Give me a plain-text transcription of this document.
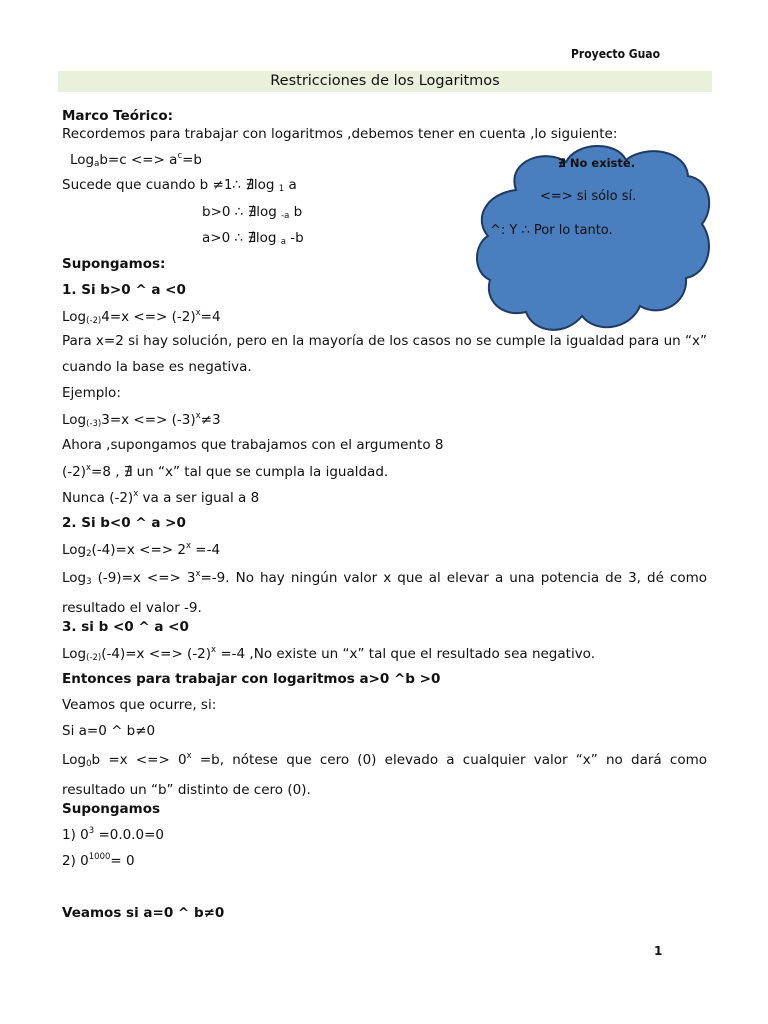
Proyecto Guao
Restricciones de los Logaritmos
Marco Teórico:
Recordemos para trabajar con logaritmos ,debemos tener en cuenta ,lo siguiente:
Log$_a$b=c <=> $a^c=b$
Sucede que cuando b ≠1∴ ∄log $_1$ a
b>0 ∴ ∄log $_{-a}$ b
a>0 ∴ ∄log $_a$ -b
∄ No existe.
<=> si sólo sí.
^: Y ∴ Por lo tanto.
Supongamos:
1. Si b>0 ^ a <0
Log$_{(-2)}$4=x <=> $(-2)^x=4$
Para x=2 si hay solución, pero en la mayoría de los casos no se cumple la igualdad para un “x” cuando la base es negativa.
Ejemplo:
Log$_{(-3)}$3=x <=> $(-3)^x\ne 3$
Ahora ,supongamos que trabajamos con el argumento 8
$(-2)^x=8$ , ∄ un “x” tal que se cumpla la igualdad.
Nunca $(-2)^x$ va a ser igual a 8
2. Si b<0 ^ a >0
Log$_2$(-4)=x <=> $2^x =-4$
Log$_3$ (-9)=x <=> $3^x=-9$. No hay ningún valor x que al elevar a una potencia de 3, dé como resultado el valor -9.
3. si b <0 ^ a <0
Log$_{(-2)}$(-4)=x <=> $(-2)^x =-4$ ,No existe un “x” tal que el resultado sea negativo.
Entonces para trabajar con logaritmos a>0 ^b >0
Veamos que ocurre, si:
Si a=0 ^ b≠0
Log$_0$b =x <=> $0^x =b$, nótese que cero (0) elevado a cualquier valor “x” no dará como resultado un “b” distinto de cero (0).
Supongamos
1) $0^3 =0.0.0=0$
2) $0^{1000}= 0$
Veamos si a=0 ^ b≠0
1
